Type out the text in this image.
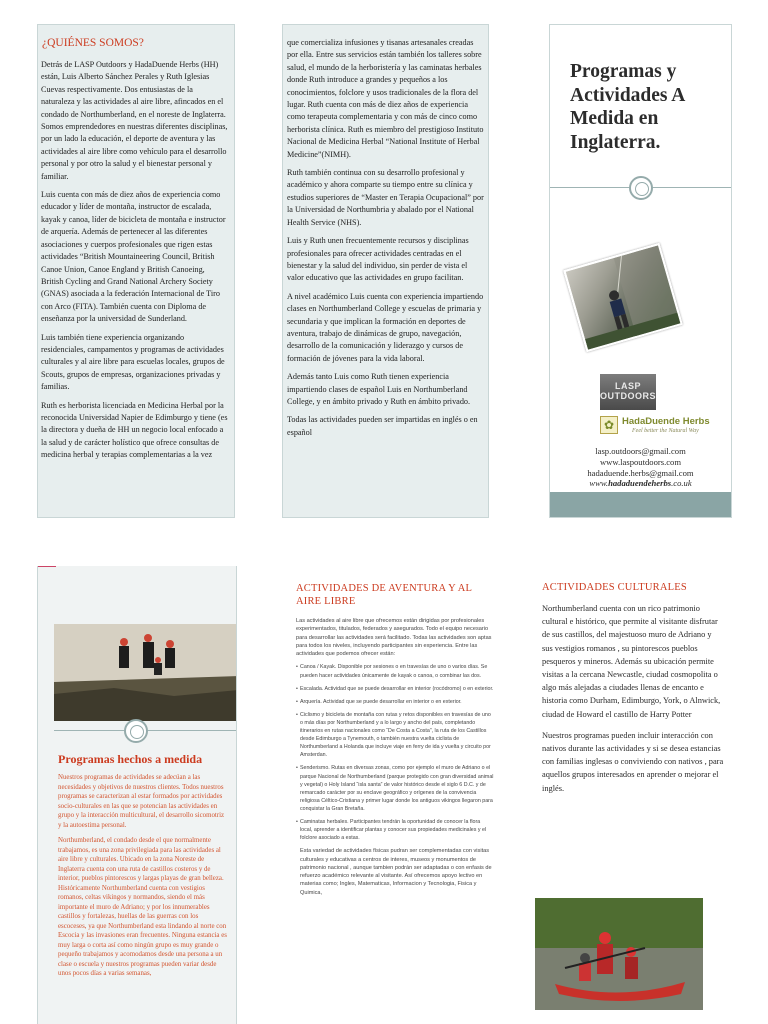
¿QUIÉNES SOMOS?

Detrás de LASP Outdoors y HadaDuende Herbs (HH) están, Luis Alberto Sánchez Perales y Ruth Iglesias Cuevas respectivamente. Dos entusiastas de la naturaleza y las actividades al aire libre, afincados en el condado de Northumberland, en el noreste de Inglaterra. Somos emprendedores en nuestras diferentes disciplinas, por un lado la educación, el deporte de aventura y las actividades al aire libre como vehículo para el desarrollo personal y por otro la salud y el bienestar personal y familiar.

Luis cuenta con más de diez años de experiencia como educador y líder de montaña, instructor de escalada, kayak y canoa, líder de bicicleta de montaña e instructor de arquería. Además de pertenecer al las diferentes asociaciones y cuerpos profesionales que rigen estas actividades “British Mountaineering Council, British Canoe Union, Canoe England y British Canoeing, British Cycling and Grand National Archery Society (GNAS) asociada a la federación Internacional de Tiro con Arco (FITA). También cuenta con Diploma de enseñanza por la universidad de Sunderland.

Luis también tiene experiencia organizando residenciales, campamentos y programas de actividades culturales y al aire libre para escuelas locales, grupos de Scouts, grupos de empresas, organizaciones privadas y familias.

Ruth es herborista licenciada en Medicina Herbal por la reconocida Universidad Napier de Edimburgo y tiene (es la directora y dueña de HH un negocio local enfocado a la salud y de carácter holístico que ofrece consultas de medicina herbal y terapias complementarias a la vez

que comercializa infusiones y tisanas artesanales creadas por ella. Entre sus servicios están también los talleres sobre salud, el mundo de la herboristería y las caminatas herbales donde Ruth introduce a grandes y pequeños a los conocimientos, folclore y usos tradicionales de la flora del lugar. Ruth cuenta con más de diez años de experiencia como terapeuta complementaria y con más de cinco como herborista clínica. Ruth es miembro del prestigioso Instituto Nacional de Medicina Herbal “National Institute of Herbal Medicine”(NIMH).

Ruth también continua con su desarrollo profesional y académico y ahora comparte su tiempo entre su clínica y estudios superiores de “Master en Terapia Ocupacional” por la Universidad de Northumbria y abalado por el National Health Service (NHS).

Luis y Ruth unen frecuentemente recursos y disciplinas profesionales para ofrecer actividades centradas en el bienestar y la salud del individuo, sin perder de vista el valor educativo que las actividades en grupo facilitan.

A nivel académico Luis cuenta con experiencia impartiendo clases en Northumberland College y escuelas de primaria y secundaria y que implican la formación en deportes de aventura, trabajo de dinámicas de grupo, navegación, desarrollo de la comunicación y liderazgo y cursos de formación de jóvenes para la vida laboral.

Además tanto Luis como Ruth tienen experiencia impartiendo clases de español Luis en Northumberland College, y en ámbito privado y Ruth en ámbito privado.

Todas las actividades pueden ser impartidas en inglés o en español

Programas y Actividades A Medida en Inglaterra.
LASP OUTDOORS
✿ HadaDuende Herbs
Feel better the Natural Way
lasp.outdoors@gmail.com
www.laspoutdoors.com
hadaduende.herbs@gmail.com
www.hadaduendeherbs.co.uk
Programas hechos a medida

Nuestros programas de actividades se adecúan a las necesidades y objetivos de nuestros clientes. Todos nuestros programas se caracterizan al estar formados por actividades socio-culturales en las que se potencian las actividades en grupo y la interacción multicultural, el desarrollo sicomotriz y la autoestima personal.

Northumberland, el condado desde el que normalmente trabajamos, es una zona privilegiada para las actividades al aire libre y culturales. Ubicado en la zona Noreste de Inglaterra cuenta con una ruta de castillos costeros y de interior, pueblos pintorescos y largas playas de gran belleza. Históricamente Northumberland cuenta con vestigios romanos, celtas vikingos y normandos, siendo el más importante el muro de Adriano; y por los innumerables castillos y fortalezas, huellas de las guerras con los escoceses, ya que Northumberland esta lindando al norte con Escocia y las invasiones eran frecuentes. Ninguna estancia es muy larga o corta así como ningún grupo es muy grande o pequeño trabajamos y acomodamos desde una persona a un clase o escuela y nuestros programas pueden variar desde unos pocos días a varias semanas,

ACTIVIDADES DE AVENTURA Y AL AIRE LIBRE

Las actividades al aire libre que ofrecemos están dirigidas por profesionales experimentados, titulados, federados y asegurados. Todo el equipo necesario para desarrollar las actividades será facilitado. Todas las actividades son aptas para todos los niveles, incluyendo participantes sin experiencia. Entre las actividades que podemos ofrecer están:

• Canoa / Kayak. Disponible por sesiones o en travesías de uno o varios días. Se pueden hacer actividades únicamente de kayak o canoa, o combinar las dos.
• Escalada. Actividad que se puede desarrollar en interior (rocódromo) o en exterior.
• Arquería. Actividad que se puede desarrollar en interior o en exterior.
• Ciclismo y bicicleta de montaña con rutas y retos disponibles en travesías de uno o más días por Northumberland y a lo largo y ancho del país, completando itinerarios en rutas nacionales como “De Costa a Costa”, la ruta de los Castillos desde Edimburgo a Tynemouth, o también nuestra vuelta ciclista de Northumberland a Holanda que incluye viaje en ferry de ida y vuelta y circuito por Amsterdan.
• Senderismo. Rutas en diversas zonas, como por ejemplo el muro de Adriano o el parque Nacional de Northumberland (parque protegido con gran diversidad animal y vegetal) o Holy Island “isla santa” de valor histórico desde el siglo 6 D.C. y de remarcado carácter por su enclave geográfico y orígenes de la convivencia religiosa Céltico-Cristiana y primer lugar donde los antiguos vikingos llegaron para conquistar la Gran Bretaña.
• Caminatas herbales. Participantes tendrán la oportunidad de conocer la flora local, aprender a identificar plantas y conocer sus propiedades medicinales y el folclore asociado a estas.

Esta variedad de actividades físicas pudran ser complementadas con visitas culturales y educativas a centros de interes, museos y monumentos de patrimonio nacional , aunque tambien podrán ser adaptadas o con enfasis de refuerzo académico relevante al visitante. Así ofrecemos apoyo lectivo en materias como; Ingles, Matematicas, Informacion y Tecnologia, Fisica y Quimica,

ACTIVIDADES CULTURALES

Northumberland cuenta con un rico patrimonio cultural e histórico, que permite al visitante disfrutar de sus castillos, del majestuoso muro de Adriano y sus vestigios romanos , su pintorescos pueblos pesqueros y mineros. Además su ubicación permite visitas a la cercana Newcastle, ciudad cosmopolita o algo más alejadas a ciudades llenas de encanto e historia como Durham, Edimburgo, York, o Alnwick, ciudad de Howard el castillo de Harry Potter

Nuestros programas pueden incluir interacción con nativos durante las actividades y si se desea estancias con familias inglesas o conviviendo con nativos , para aquellos grupos interesados en aprender o mejorar el inglés.
